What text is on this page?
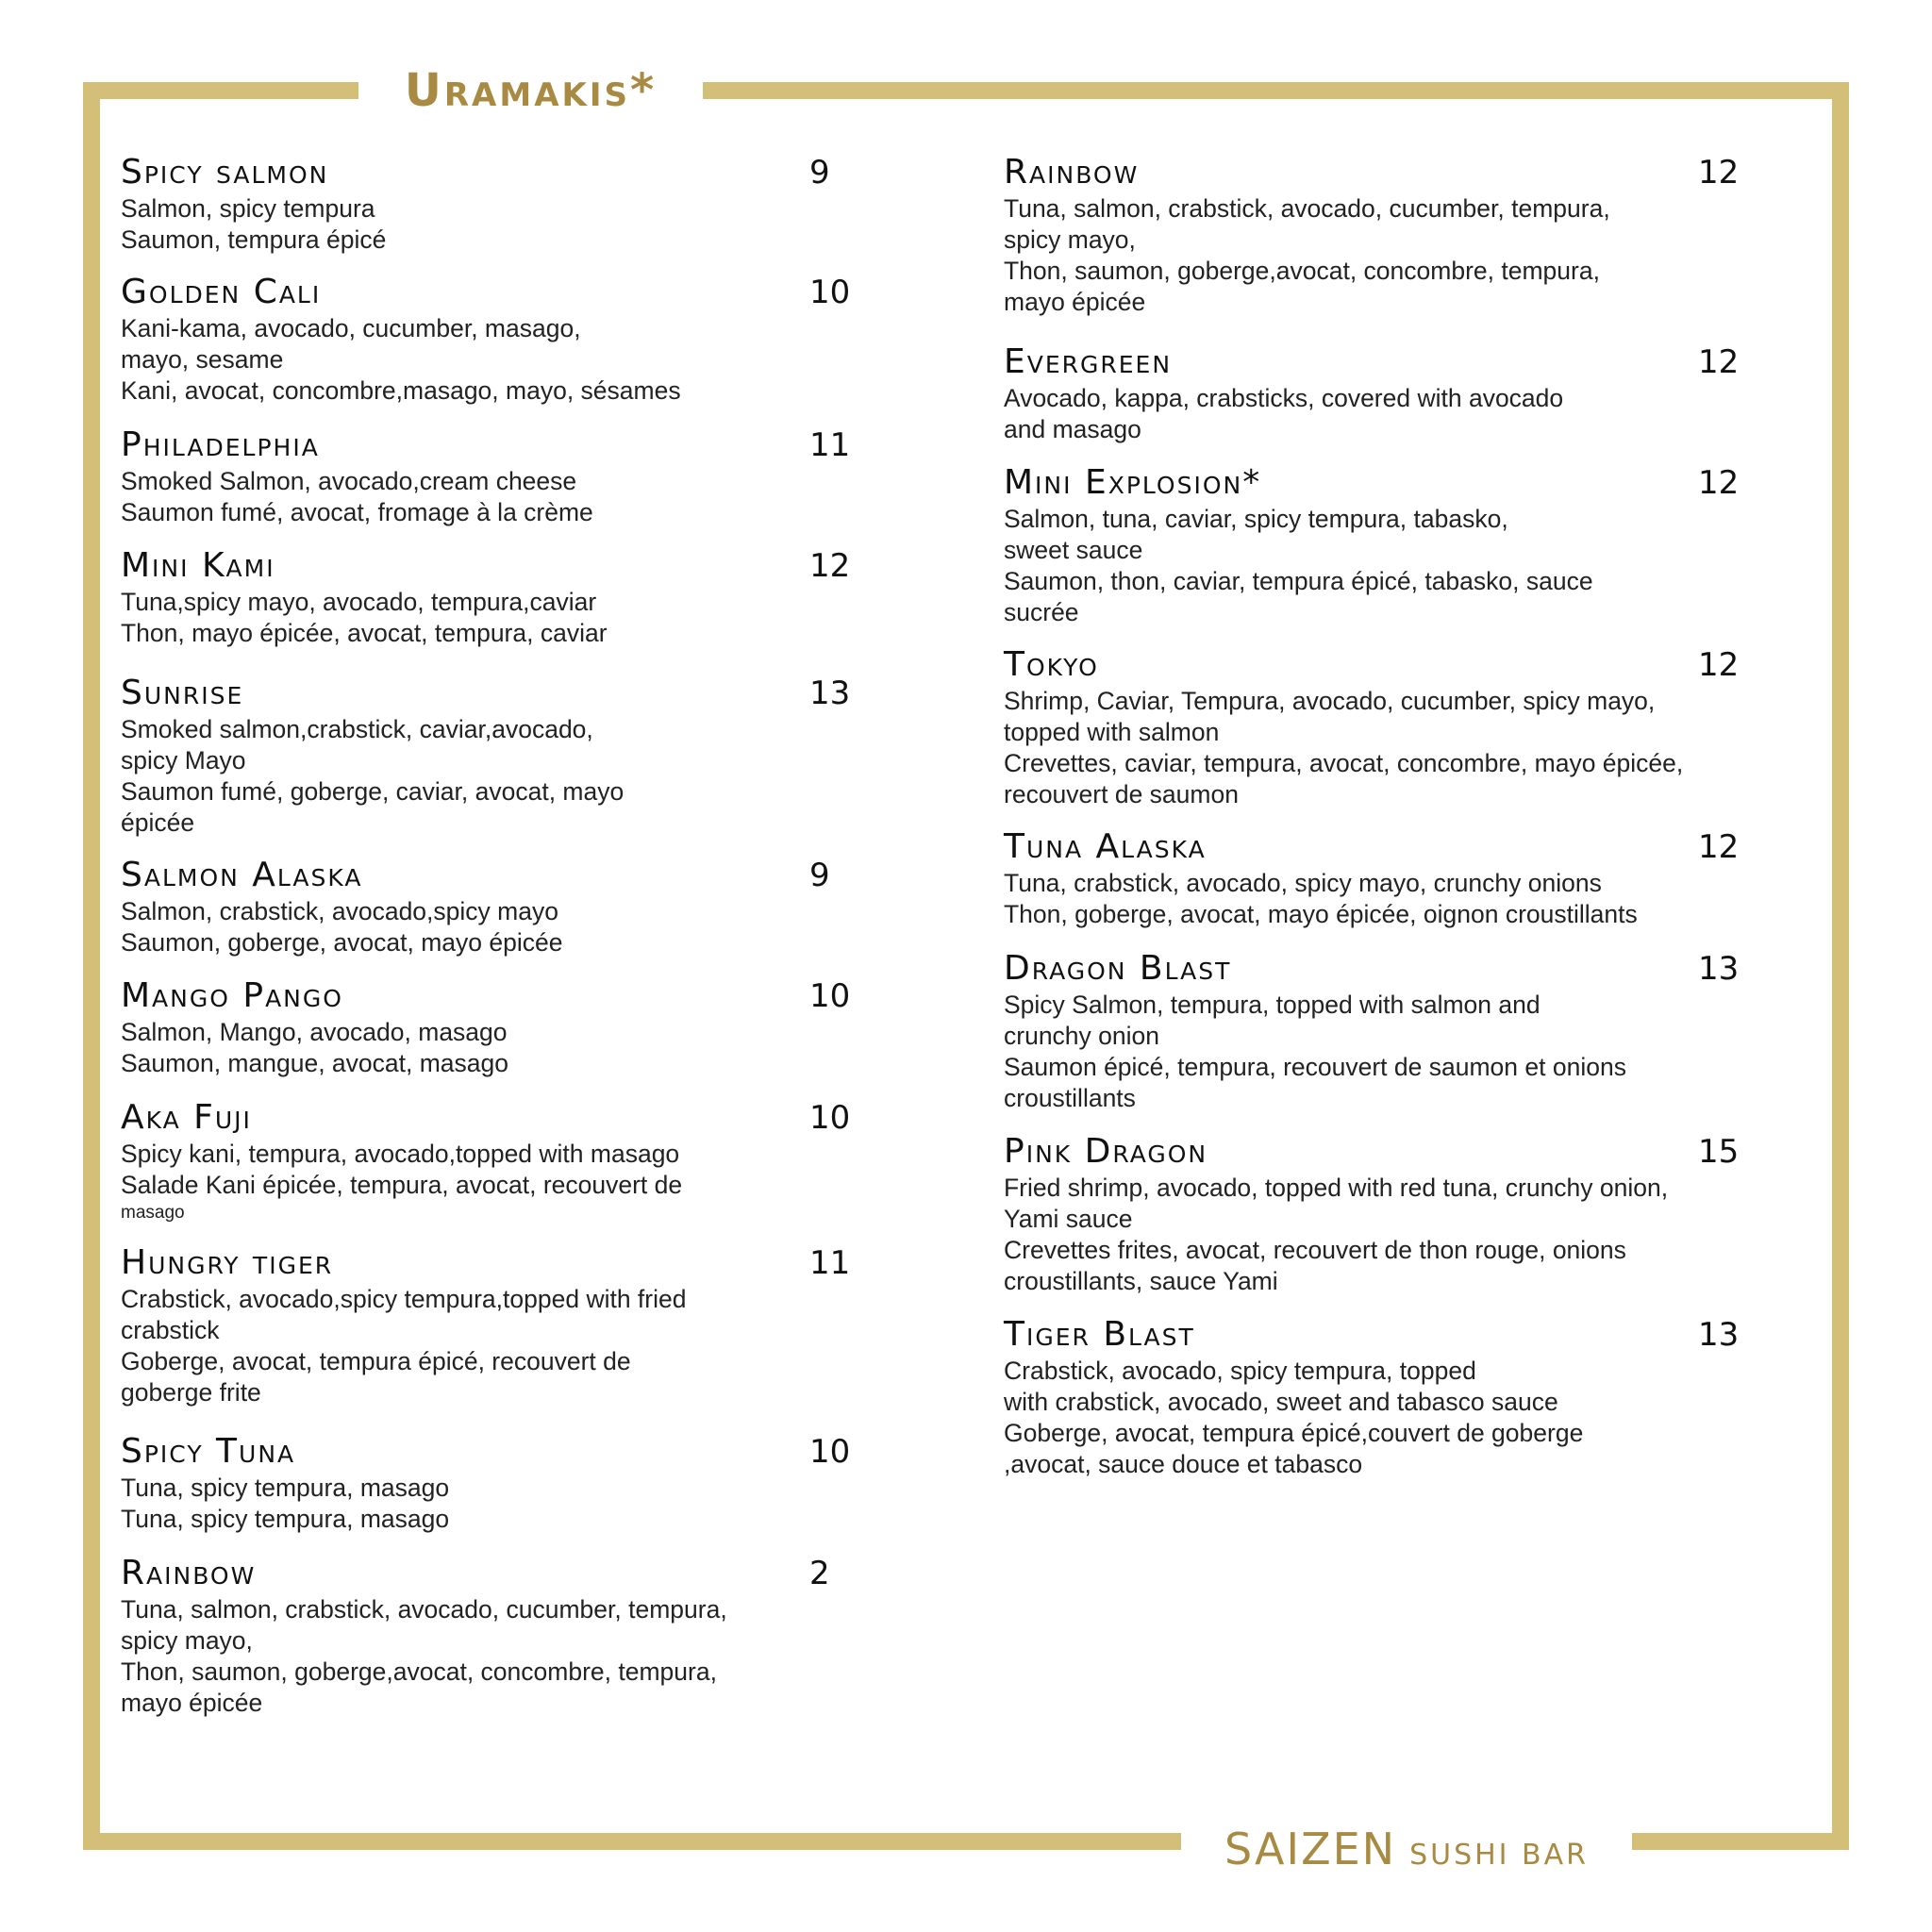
Uramakis*
Spicy salmon	9
Salmon, spicy tempura
Saumon, tempura épicé
Golden Cali	10
Kani-kama, avocado, cucumber, masago,
mayo, sesame
Kani, avocat, concombre,masago, mayo, sésames
Philadelphia	11
Smoked Salmon, avocado,cream cheese
Saumon fumé, avocat, fromage à la crème
Mini Kami	12
Tuna,spicy mayo, avocado, tempura,caviar
Thon, mayo épicée, avocat, tempura, caviar
Sunrise	13
Smoked salmon,crabstick, caviar,avocado,
spicy Mayo
Saumon fumé, goberge, caviar, avocat, mayo
épicée
Salmon Alaska	9
Salmon, crabstick, avocado,spicy mayo
Saumon, goberge, avocat, mayo épicée
Mango Pango	10
Salmon, Mango, avocado, masago
Saumon, mangue, avocat, masago
Aka Fuji	10
Spicy kani, tempura, avocado,topped with masago
Salade Kani épicée, tempura, avocat, recouvert de
masago
Hungry tiger	11
Crabstick, avocado,spicy tempura,topped with fried
crabstick
Goberge, avocat, tempura épicé, recouvert de
goberge frite
Spicy Tuna	10
Tuna, spicy tempura, masago
Tuna, spicy tempura, masago
Rainbow	2
Tuna, salmon, crabstick, avocado, cucumber, tempura,
spicy mayo,
Thon, saumon, goberge,avocat, concombre, tempura,
mayo épicée
Rainbow	12
Tuna, salmon, crabstick, avocado, cucumber, tempura,
spicy mayo,
Thon, saumon, goberge,avocat, concombre, tempura,
mayo épicée
Evergreen	12
Avocado, kappa, crabsticks, covered with avocado
and masago
Mini Explosion*	12
Salmon, tuna, caviar, spicy tempura, tabasko,
sweet sauce
Saumon, thon, caviar, tempura épicé, tabasko, sauce
sucrée
Tokyo	12
Shrimp, Caviar, Tempura, avocado, cucumber, spicy mayo,
topped with salmon
Crevettes, caviar, tempura, avocat, concombre, mayo épicée,
recouvert de saumon
Tuna Alaska	12
Tuna, crabstick, avocado, spicy mayo, crunchy onions
Thon, goberge, avocat, mayo épicée, oignon croustillants
Dragon Blast	13
Spicy Salmon, tempura, topped with salmon and
crunchy onion
Saumon épicé, tempura, recouvert de saumon et onions
croustillants
Pink Dragon	15
Fried shrimp, avocado, topped with red tuna, crunchy onion,
Yami sauce
Crevettes frites, avocat, recouvert de thon rouge, onions
croustillants, sauce Yami
Tiger Blast	13
Crabstick, avocado, spicy tempura, topped
with crabstick, avocado, sweet and tabasco sauce
Goberge, avocat, tempura épicé,couvert de goberge
,avocat, sauce douce et tabasco
SAIZEN SUSHI BAR
